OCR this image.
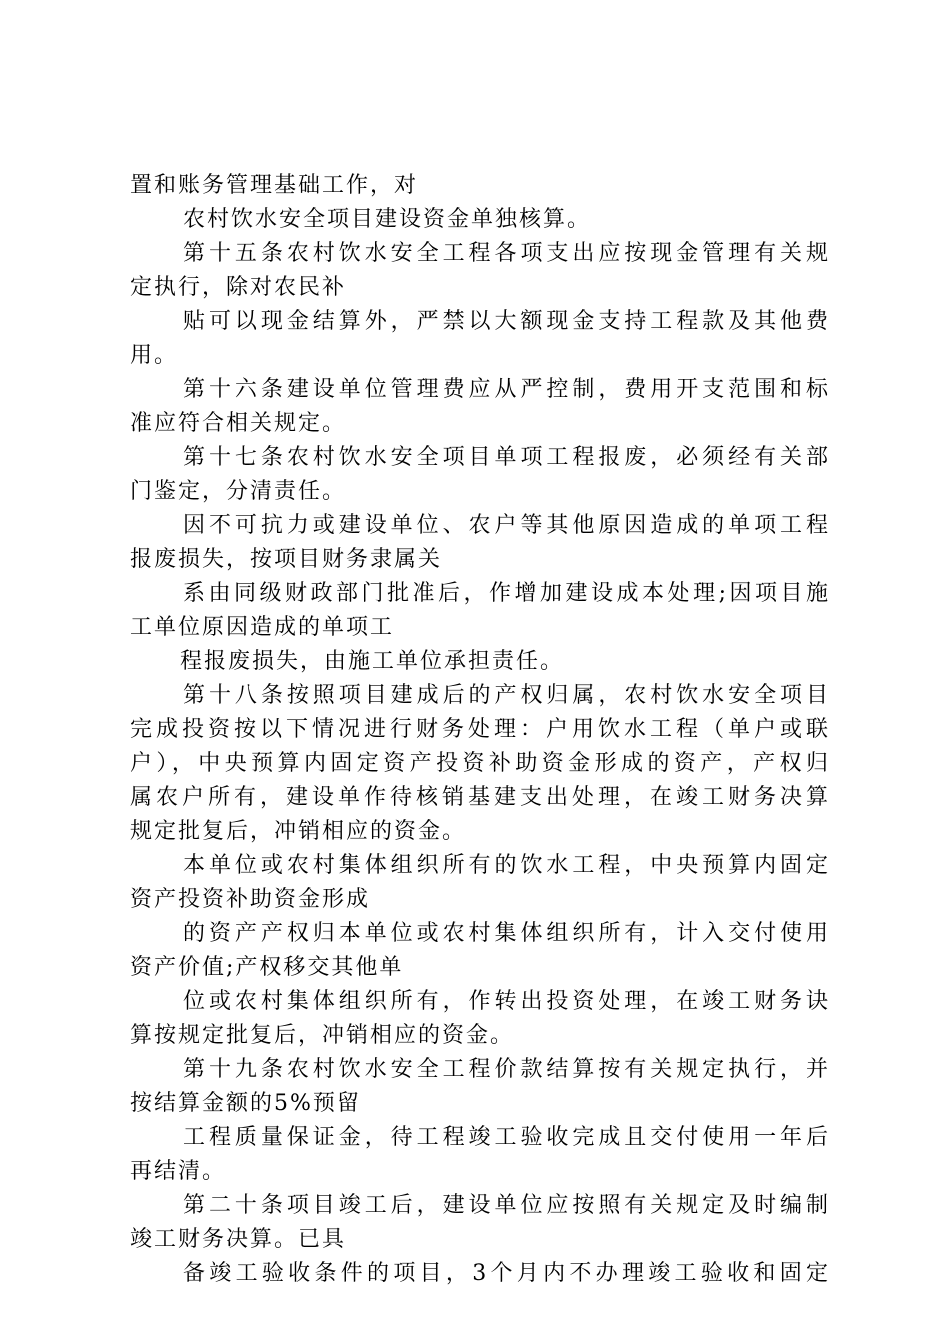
置和账务管理基础工作，对
农村饮水安全项目建设资金单独核算。
第十五条农村饮水安全工程各项支出应按现金管理有关规
定执行，除对农民补
贴可以现金结算外，严禁以大额现金支持工程款及其他费
用。
第十六条建设单位管理费应从严控制，费用开支范围和标
准应符合相关规定。
第十七条农村饮水安全项目单项工程报废，必须经有关部
门鉴定，分清责任。
因不可抗力或建设单位、农户等其他原因造成的单项工程
报废损失，按项目财务隶属关
系由同级财政部门批准后，作增加建设成本处理;因项目施
工单位原因造成的单项工
程报废损失，由施工单位承担责任。
第十八条按照项目建成后的产权归属，农村饮水安全项目
完成投资按以下情况进行财务处理：户用饮水工程（单户或联
户），中央预算内固定资产投资补助资金形成的资产，产权归
属农户所有，建设单作待核销基建支出处理，在竣工财务决算
规定批复后，冲销相应的资金。
本单位或农村集体组织所有的饮水工程，中央预算内固定
资产投资补助资金形成
的资产产权归本单位或农村集体组织所有，计入交付使用
资产价值;产权移交其他单
位或农村集体组织所有，作转出投资处理，在竣工财务诀
算按规定批复后，冲销相应的资金。
第十九条农村饮水安全工程价款结算按有关规定执行，并
按结算金额的5%预留
工程质量保证金，待工程竣工验收完成且交付使用一年后
再结清。
第二十条项目竣工后，建设单位应按照有关规定及时编制
竣工财务决算。已具
备竣工验收条件的项目，3个月内不办理竣工验收和固定
